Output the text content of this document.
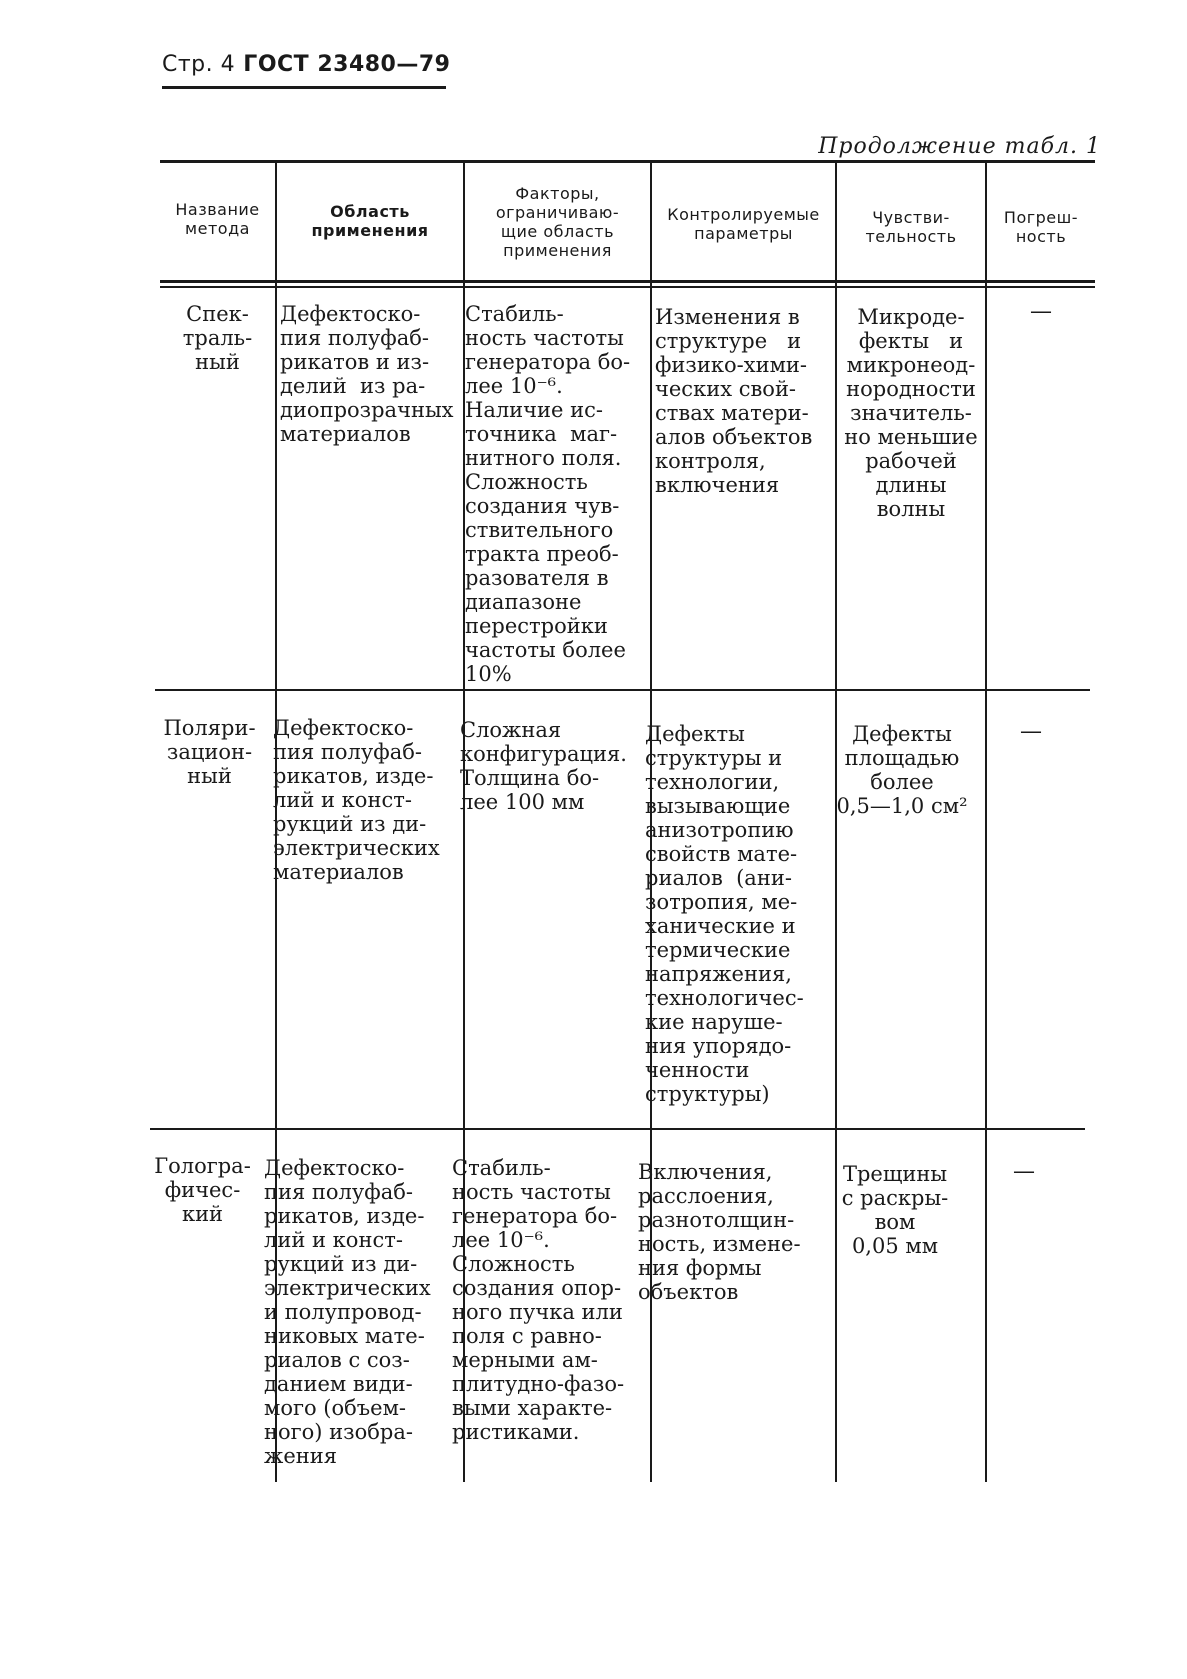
Стр. 4 ГОСТ 23480—79
Продолжение табл. 1
Название
метода
Область
применения
Факторы,
ограничиваю-
щие область
применения
Контролируемые
параметры
Чувстви-
тельность
Погреш-
ность
Спек-
траль-
ный
Дефектоско-
пия полуфаб-
рикатов и из-
делий  из ра-
диопрозрачных
материалов
Стабиль-
ность частоты
генератора бо-
лее 10⁻⁶.
Наличие ис-
точника  маг-
нитного поля.
Сложность
создания чув-
ствительного
тракта преоб-
разователя в
диапазоне
перестройки
частоты более
10%
Изменения в
структуре   и
физико-хими-
ческих свой-
ствах матери-
алов объектов
контроля,
включения
Микроде-
фекты   и
микронеод-
нородности
значитель-
но меньшие
рабочей
длины
волны
—
Поляри-
зацион-
ный
Дефектоско-
пия полуфаб-
рикатов, изде-
лий и конст-
рукций из ди-
электрических
материалов
Сложная
конфигурация.
Толщина бо-
лее 100 мм
Дефекты
структуры и
технологии,
вызывающие
анизотропию
свойств мате-
риалов  (ани-
зотропия, ме-
ханические и
термические
напряжения,
технологичес-
кие наруше-
ния упорядо-
ченности
структуры)
Дефекты
площадью
более
0,5—1,0 см²
—
Гологра-
фичес-
кий
Дефектоско-
пия полуфаб-
рикатов, изде-
лий и конст-
рукций из ди-
электрических
и полупровод-
никовых мате-
риалов с соз-
данием види-
мого (объем-
ного) изобра-
жения
Стабиль-
ность частоты
генератора бо-
лее 10⁻⁶.
Сложность
создания опор-
ного пучка или
поля с равно-
мерными ам-
плитудно-фазо-
выми характе-
ристиками.
Включения,
расслоения,
разнотолщин-
ность, измене-
ния формы
объектов
Трещины
с раскры-
вом
0,05 мм
—
